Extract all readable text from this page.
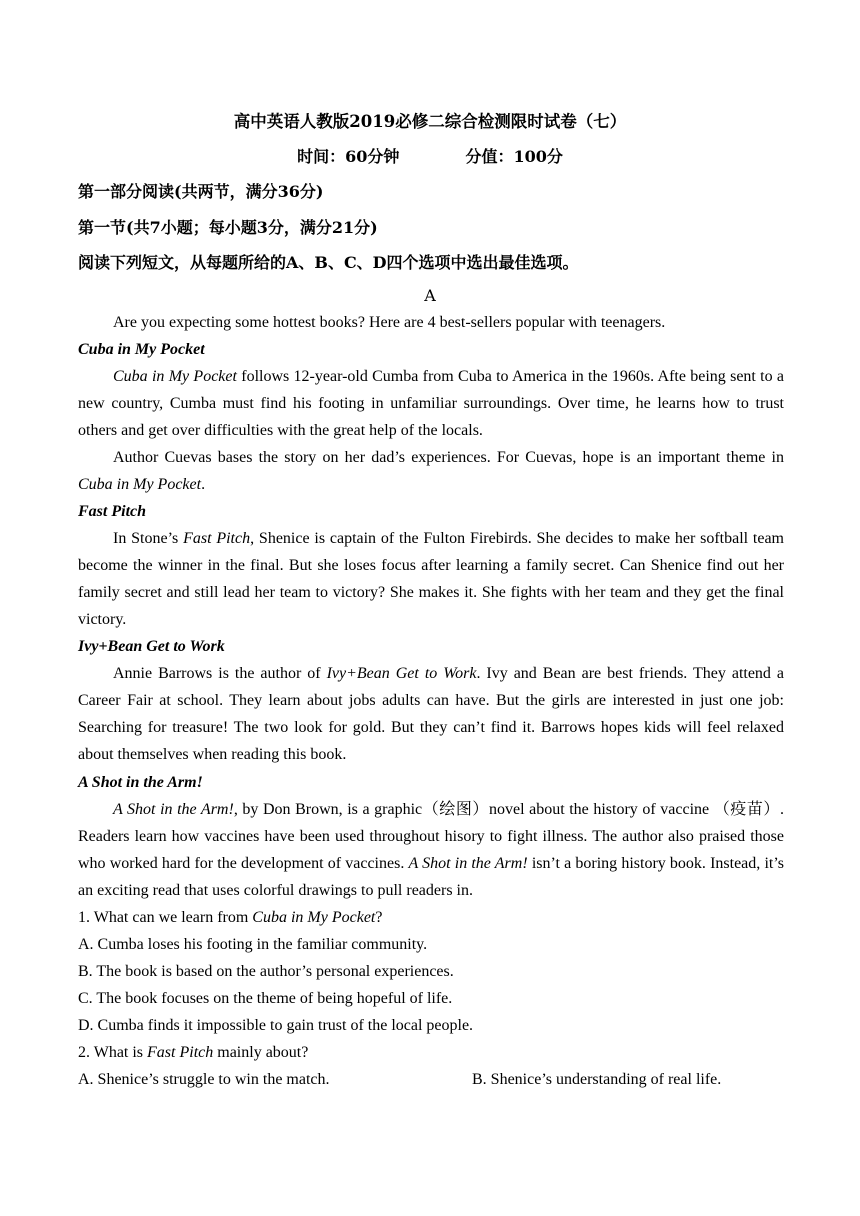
高中英语人教版2019必修二综合检测限时试卷（七）
时间：60分钟	分值：100分
第一部分阅读(共两节，满分36分)
第一节(共7小题；每小题3分，满分21分)
阅读下列短文，从每题所给的A、B、C、D四个选项中选出最佳选项。
A
Are you expecting some hottest books? Here are 4 best-sellers popular with teenagers.
Cuba in My Pocket
Cuba in My Pocket follows 12-year-old Cumba from Cuba to America in the 1960s. Afte being sent to a new country, Cumba must find his footing in unfamiliar surroundings. Over time, he learns how to trust others and get over difficulties with the great help of the locals.
Author Cuevas bases the story on her dad’s experiences. For Cuevas, hope is an important theme in Cuba in My Pocket.
Fast Pitch
In Stone’s Fast Pitch, Shenice is captain of the Fulton Firebirds. She decides to make her softball team become the winner in the final. But she loses focus after learning a family secret. Can Shenice find out her family secret and still lead her team to victory? She makes it. She fights with her team and they get the final victory.
Ivy+Bean Get to Work
Annie Barrows is the author of Ivy+Bean Get to Work. Ivy and Bean are best friends. They attend a Career Fair at school. They learn about jobs adults can have. But the girls are interested in just one job: Searching for treasure! The two look for gold. But they can’t find it. Barrows hopes kids will feel relaxed about themselves when reading this book.
A Shot in the Arm!
A Shot in the Arm!, by Don Brown, is a graphic（绘图）novel about the history of vaccine （疫苗）. Readers learn how vaccines have been used throughout hisory to fight illness. The author also praised those who worked hard for the development of vaccines. A Shot in the Arm! isn’t a boring history book. Instead, it’s an exciting read that uses colorful drawings to pull readers in.
1. What can we learn from Cuba in My Pocket?
A. Cumba loses his footing in the familiar community.
B. The book is based on the author’s personal experiences.
C. The book focuses on the theme of being hopeful of life.
D. Cumba finds it impossible to gain trust of the local people.
2. What is Fast Pitch mainly about?
A. Shenice’s struggle to win the match.	B. Shenice’s understanding of real life.
